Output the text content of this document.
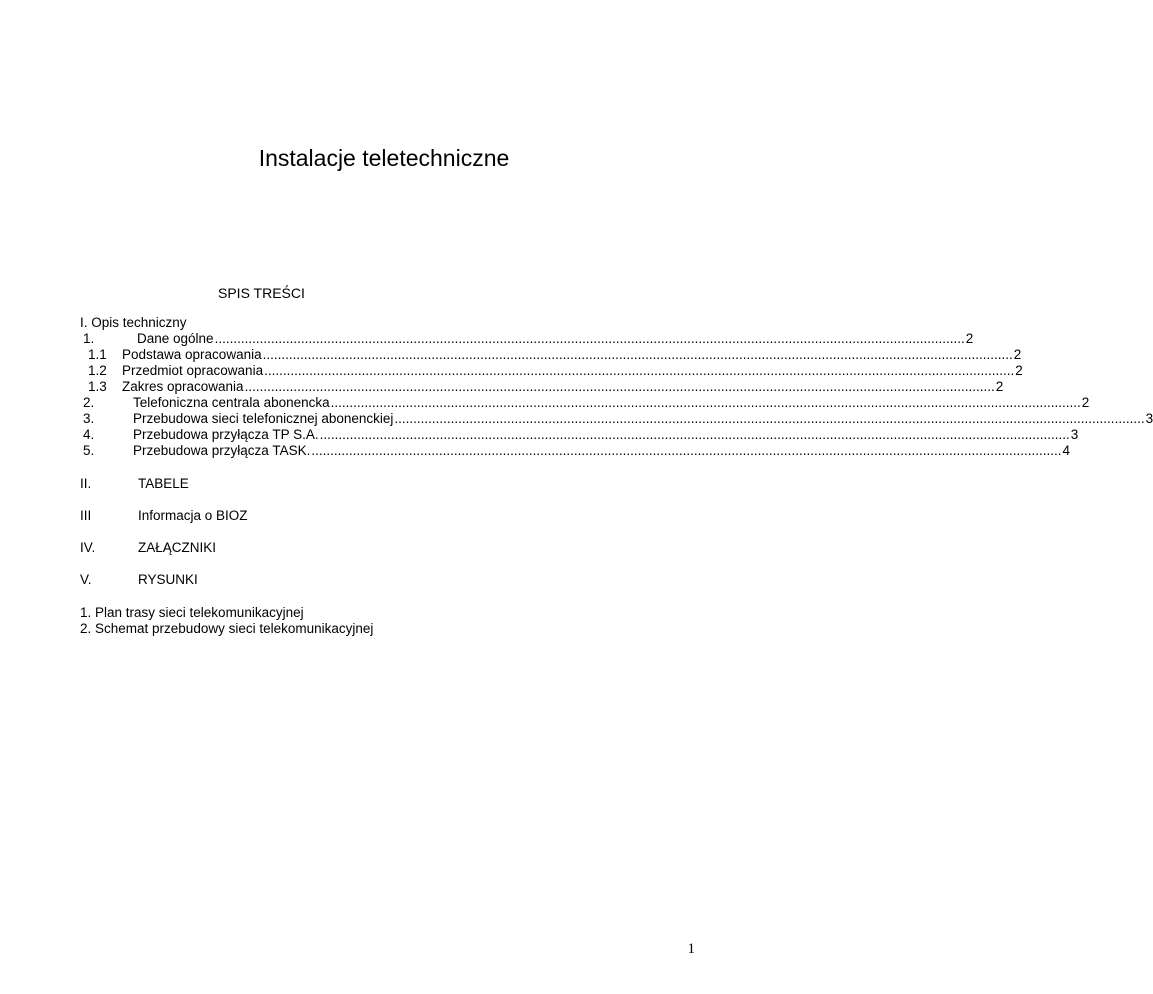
Instalacje teletechniczne
SPIS TREŚCI
I. Opis techniczny
1.	Dane ogólne ........................................................................................................................................................................................................ 2
1.1 Podstawa opracowania ........................................................................................................................................................................................................ 2
1.2 Przedmiot opracowania ........................................................................................................................................................................................................ 2
1.3 Zakres opracowania ........................................................................................................................................................................................................ 2
2.	Telefoniczna centrala abonencka ........................................................................................................................................................................................................ 2
3.	Przebudowa sieci telefonicznej abonenckiej ........................................................................................................................................................................................................ 3
4.	Przebudowa przyłącza TP S.A. ........................................................................................................................................................................................................ 3
5.	Przebudowa przyłącza TASK. ........................................................................................................................................................................................................ 4
II.	TABELE
III	Informacja o BIOZ
IV.	ZAŁĄCZNIKI
V.	RYSUNKI
1. Plan trasy sieci telekomunikacyjnej
2. Schemat przebudowy sieci telekomunikacyjnej
1
